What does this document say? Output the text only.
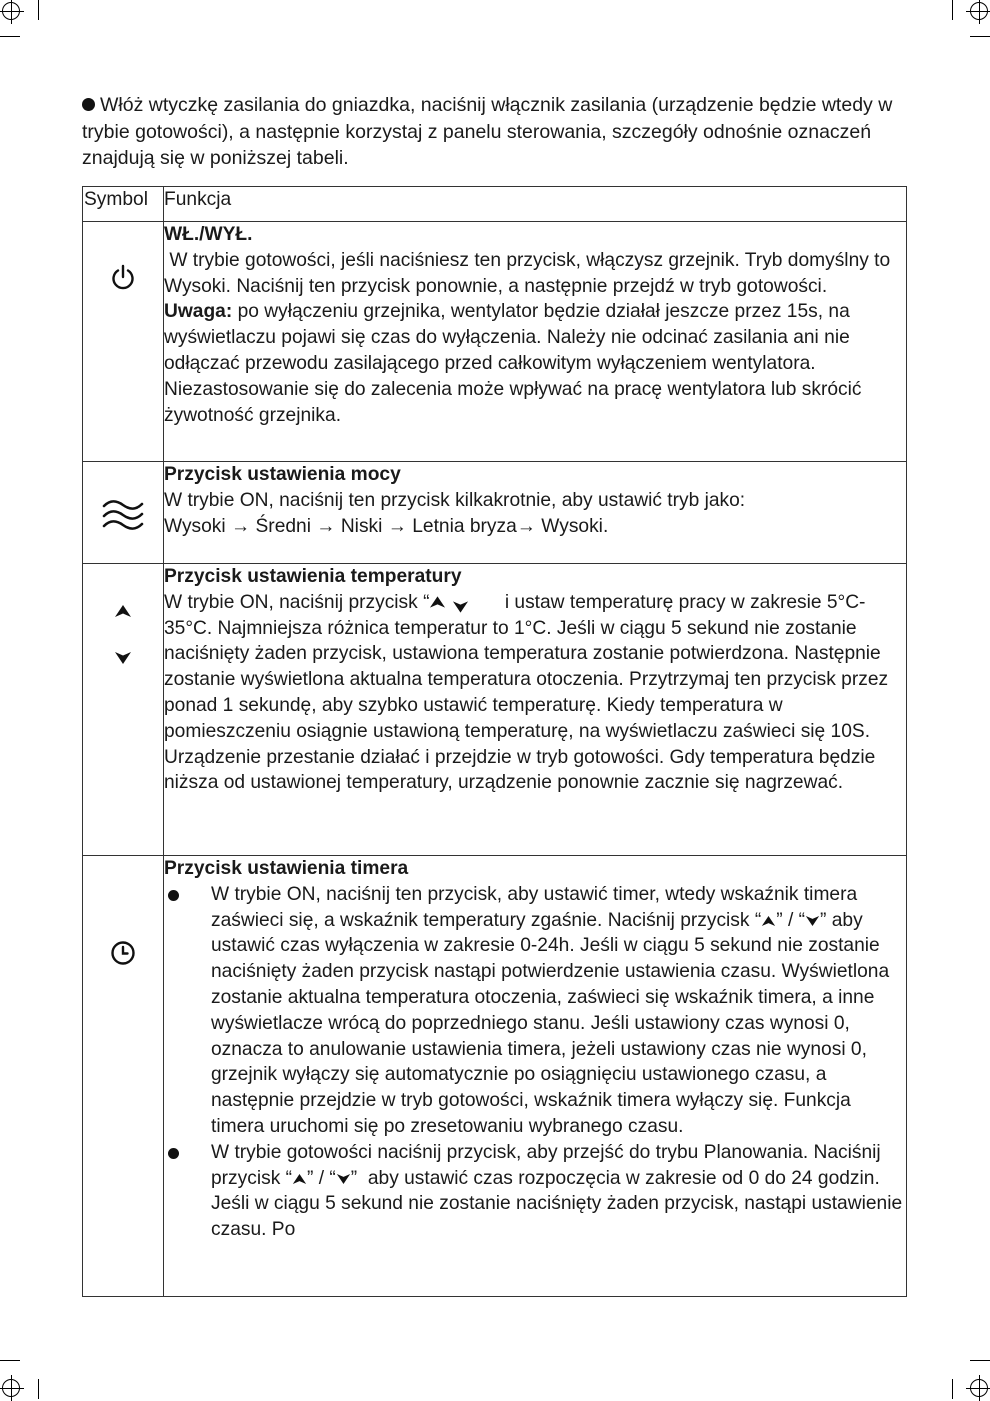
Włóż wtyczkę zasilania do gniazdka, naciśnij włącznik zasilania (urządzenie będzie wtedy w trybie gotowości), a następnie korzystaj z panelu sterowania, szczegóły odnośnie oznaczeń znajdują się w poniższej tabeli.
Symbol	Funkcja

WŁ./WYŁ.
W trybie gotowości, jeśli naciśniesz ten przycisk, włączysz grzejnik. Tryb domyślny to Wysoki. Naciśnij ten przycisk ponownie, a następnie przejdź w tryb gotowości.
Uwaga: po wyłączeniu grzejnika, wentylator będzie działał jeszcze przez 15s, na wyświetlaczu pojawi się czas do wyłączenia. Należy nie odcinać zasilania ani nie odłączać przewodu zasilającego przed całkowitym wyłączeniem wentylatora. Niezastosowanie się do zalecenia może wpływać na pracę wentylatora lub skrócić żywotność grzejnika.

Przycisk ustawienia mocy
W trybie ON, naciśnij ten przycisk kilkakrotnie, aby ustawić tryb jako:
Wysoki → Średni → Niski → Letnia bryza→ Wysoki.

Przycisk ustawienia temperatury
W trybie ON, naciśnij przycisk “ i ustaw temperaturę pracy w zakresie 5°C-35°C. Najmniejsza różnica temperatur to 1°C. Jeśli w ciągu 5 sekund nie zostanie naciśnięty żaden przycisk, ustawiona temperatura zostanie potwierdzona. Następnie zostanie wyświetlona aktualna temperatura otoczenia. Przytrzymaj ten przycisk przez ponad 1 sekundę, aby szybko ustawić temperaturę. Kiedy temperatura w pomieszczeniu osiągnie ustawioną temperaturę, na wyświetlaczu zaświeci się 10S. Urządzenie przestanie działać i przejdzie w tryb gotowości. Gdy temperatura będzie niższa od ustawionej temperatury, urządzenie ponownie zacznie się nagrzewać.

Przycisk ustawienia timera
W trybie ON, naciśnij ten przycisk, aby ustawić timer, wtedy wskaźnik timera zaświeci się, a wskaźnik temperatury zgaśnie. Naciśnij przycisk “ ” / “ ” aby ustawić czas wyłączenia w zakresie 0-24h. Jeśli w ciągu 5 sekund nie zostanie naciśnięty żaden przycisk nastąpi potwierdzenie ustawienia czasu. Wyświetlona zostanie aktualna temperatura otoczenia, zaświeci się wskaźnik timera, a inne wyświetlacze wrócą do poprzedniego stanu. Jeśli ustawiony czas wynosi 0, oznacza to anulowanie ustawienia timera, jeżeli ustawiony czas nie wynosi 0, grzejnik wyłączy się automatycznie po osiągnięciu ustawionego czasu, a następnie przejdzie w tryb gotowości, wskaźnik timera wyłączy się. Funkcja timera uruchomi się po zresetowaniu wybranego czasu.
W trybie gotowości naciśnij przycisk, aby przejść do trybu Planowania. Naciśnij przycisk “ ” / “ ”  aby ustawić czas rozpoczęcia w zakresie od 0 do 24 godzin. Jeśli w ciągu 5 sekund nie zostanie naciśnięty żaden przycisk, nastąpi ustawienie czasu. Po
